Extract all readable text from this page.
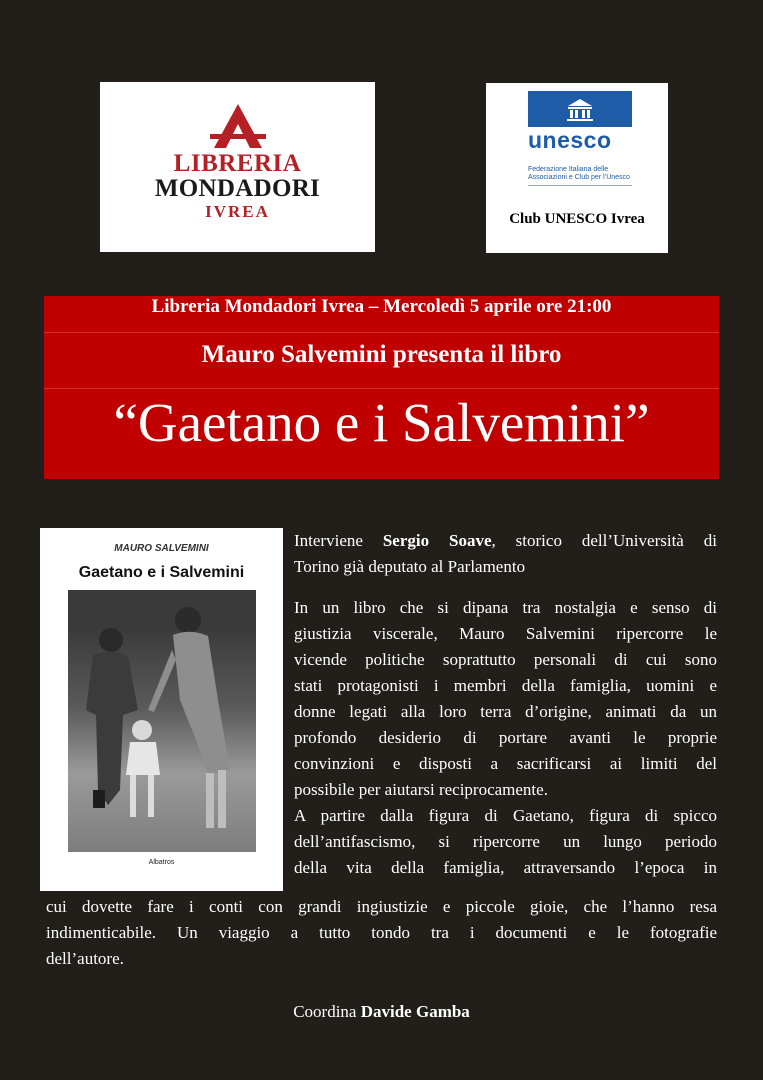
LIBRERIA
MONDADORI
IVREA
unesco
Federazione Italiana delle
Associazioni e Club per l’Unesco
Club UNESCO Ivrea
Libreria Mondadori Ivrea – Mercoledì 5 aprile ore 21:00
Mauro Salvemini presenta il libro
“Gaetano e i Salvemini”
MAURO SALVEMINI
Gaetano e i Salvemini
Albatros
Interviene Sergio Soave, storico dell’Università di
Torino già deputato al Parlamento
In un libro che si dipana tra nostalgia e senso di
giustizia viscerale, Mauro Salvemini ripercorre le
vicende politiche soprattutto personali di cui sono
stati protagonisti i membri della famiglia, uomini e
donne legati alla loro terra d’origine, animati da un
profondo desiderio di portare avanti le proprie
convinzioni e disposti a sacrificarsi ai limiti del
possibile per aiutarsi reciprocamente.
A partire dalla figura di Gaetano, figura di spicco
dell’antifascismo, si ripercorre un lungo periodo
della vita della famiglia, attraversando l’epoca in
cui dovette fare i conti con grandi ingiustizie e piccole gioie, che l’hanno resa
indimenticabile. Un viaggio a tutto tondo tra i documenti e le fotografie
dell’autore.
Coordina Davide Gamba
